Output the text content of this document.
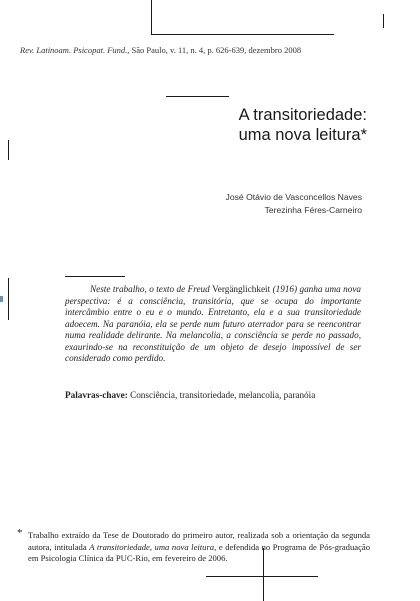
Rev. Latinoam. Psicopat. Fund., São Paulo, v. 11, n. 4, p. 626-639, dezembro 2008
A transitoriedade:
uma nova leitura*
José Otávio de Vasconcellos Naves
Terezinha Féres-Carneiro
Neste trabalho, o texto de Freud Vergänglichkeit (1916) ganha uma nova perspectiva: é a consciência, transitória, que se ocupa do importante intercâmbio entre o eu e o mundo. Entretanto, ela e a sua transitoriedade adoecem. Na paranóia, ela se perde num futuro aterrador para se reencontrar numa realidade delirante. Na melancolia, a consciência se perde no passado, exaurindo-se na reconstituição de um objeto de desejo impossível de ser considerado como perdido.
Palavras-chave: Consciência, transitoriedade, melancolia, paranóia
* Trabalho extraído da Tese de Doutorado do primeiro autor, realizada sob a orientação da segunda autora, intitulada A transitoriedade, uma nova leitura, e defendida no Programa de Pós-graduação em Psicologia Clínica da PUC-Rio, em fevereiro de 2006.
